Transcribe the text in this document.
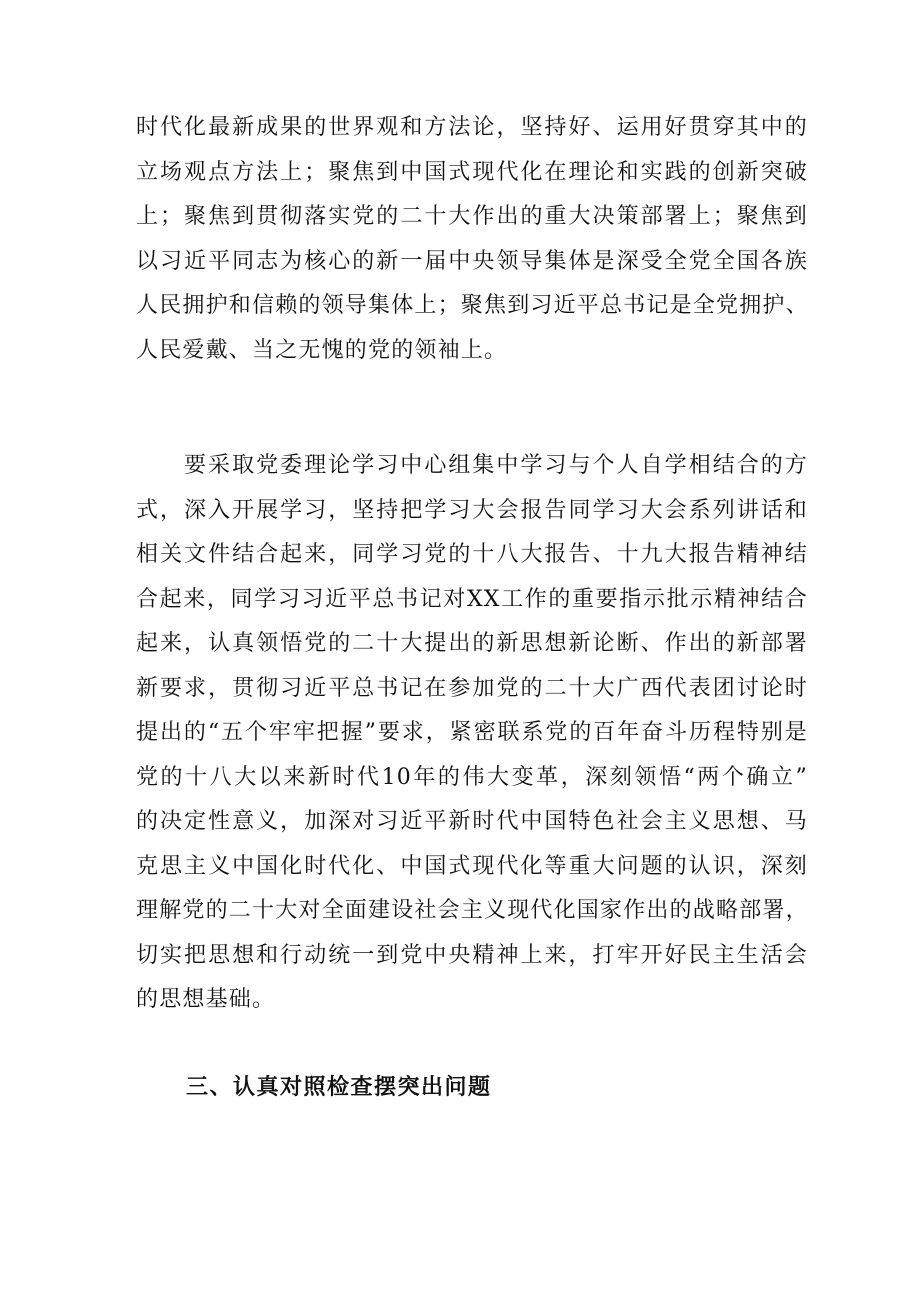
时代化最新成果的世界观和方法论，坚持好、运用好贯穿其中的
立场观点方法上；聚焦到中国式现代化在理论和实践的创新突破
上；聚焦到贯彻落实党的二十大作出的重大决策部署上；聚焦到
以习近平同志为核心的新一届中央领导集体是深受全党全国各族
人民拥护和信赖的领导集体上；聚焦到习近平总书记是全党拥护、
人民爱戴、当之无愧的党的领袖上。
要采取党委理论学习中心组集中学习与个人自学相结合的方
式，深入开展学习，坚持把学习大会报告同学习大会系列讲话和
相关文件结合起来，同学习党的十八大报告、十九大报告精神结
合起来，同学习习近平总书记对XX工作的重要指示批示精神结合
起来，认真领悟党的二十大提出的新思想新论断、作出的新部署
新要求，贯彻习近平总书记在参加党的二十大广西代表团讨论时
提出的“五个牢牢把握”要求，紧密联系党的百年奋斗历程特别是
党的十八大以来新时代10年的伟大变革，深刻领悟“两个确立”
的决定性意义，加深对习近平新时代中国特色社会主义思想、马
克思主义中国化时代化、中国式现代化等重大问题的认识，深刻
理解党的二十大对全面建设社会主义现代化国家作出的战略部署，
切实把思想和行动统一到党中央精神上来，打牢开好民主生活会
的思想基础。
三、认真对照检查摆突出问题
